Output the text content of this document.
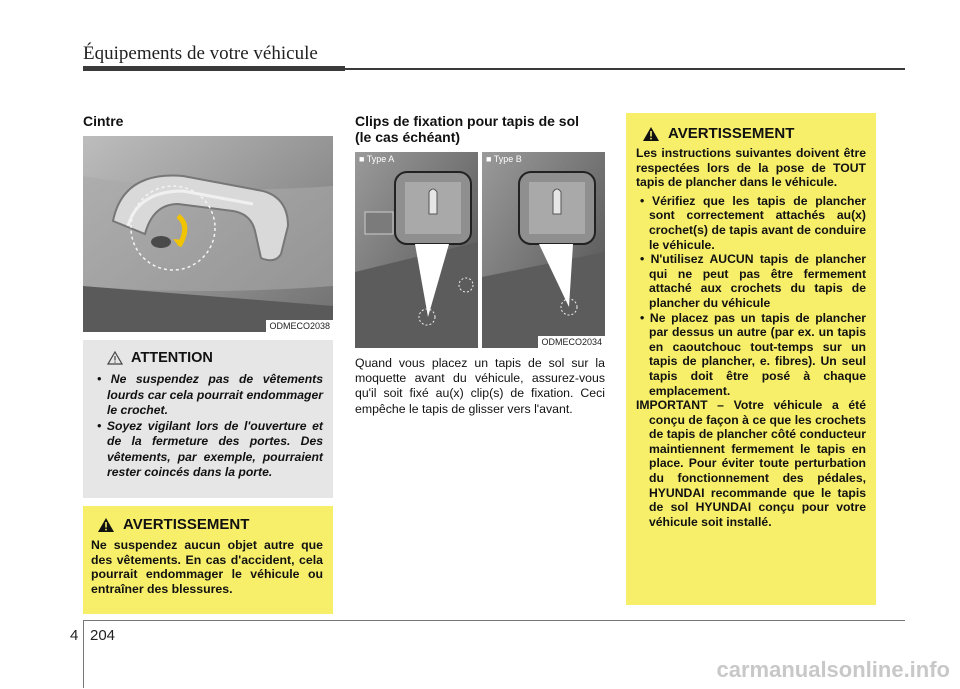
Équipements de votre véhicule
Cintre
ODMECO2038
ATTENTION
• Ne suspendez pas de vêtements lourds car cela pourrait endommager le crochet.
• Soyez vigilant lors de l'ouverture et de la fermeture des portes. Des vêtements, par exemple, pourraient rester coincés dans la porte.
AVERTISSEMENT
Ne suspendez aucun objet autre que des vêtements. En cas d'accident, cela pourrait endommager le véhicule ou entraîner des blessures.
Clips de fixation pour tapis de sol
(le cas échéant)
■ Type A	■ Type B
ODMECO2034
Quand vous placez un tapis de sol sur la moquette avant du véhicule, assurez-vous qu'il soit fixé au(x) clip(s) de fixation. Ceci empêche le tapis de glisser vers l'avant.
AVERTISSEMENT
Les instructions suivantes doivent être respectées lors de la pose de TOUT tapis de plancher dans le véhicule.
• Vérifiez que les tapis de plancher sont correctement attachés au(x) crochet(s) de tapis avant de conduire le véhicule.
• N'utilisez AUCUN tapis de plancher qui ne peut pas être fermement attaché aux crochets du tapis de plancher du véhicule
• Ne placez pas un tapis de plancher par dessus un autre (par ex. un tapis en caoutchouc tout-temps sur un tapis de plancher, e. fibres). Un seul tapis doit être posé à chaque emplacement.
IMPORTANT – Votre véhicule a été conçu de façon à ce que les crochets de tapis de plancher côté conducteur maintiennent fermement le tapis en place. Pour éviter toute perturbation du fonctionnement des pédales, HYUNDAI recommande que le tapis de sol HYUNDAI conçu pour votre véhicule soit installé.
4 204
carmanualsonline.info
